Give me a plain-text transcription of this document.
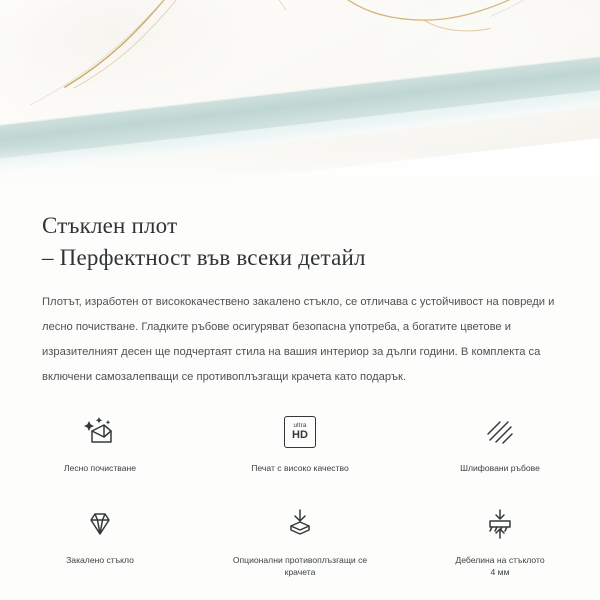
Стъклен плот
– Перфектност във всеки детайл

Плотът, изработен от висококачествено закалено стъкло, се отличава с устойчивост на повреди и лесно почистване. Гладките ръбове осигуряват безопасна употреба, а богатите цветове и изразителният десен ще подчертаят стила на вашия интериор за дълги години. В комплекта са включени самозалепващи се противоплъзгащи крачета като подарък.

Лесно почистване
ultra
HD
Печат с високо качество	Шлифовани ръбове
Закалено стъкло	Опционални противоплъзгащи се крачета
Дебелина на стъклото
4 мм
